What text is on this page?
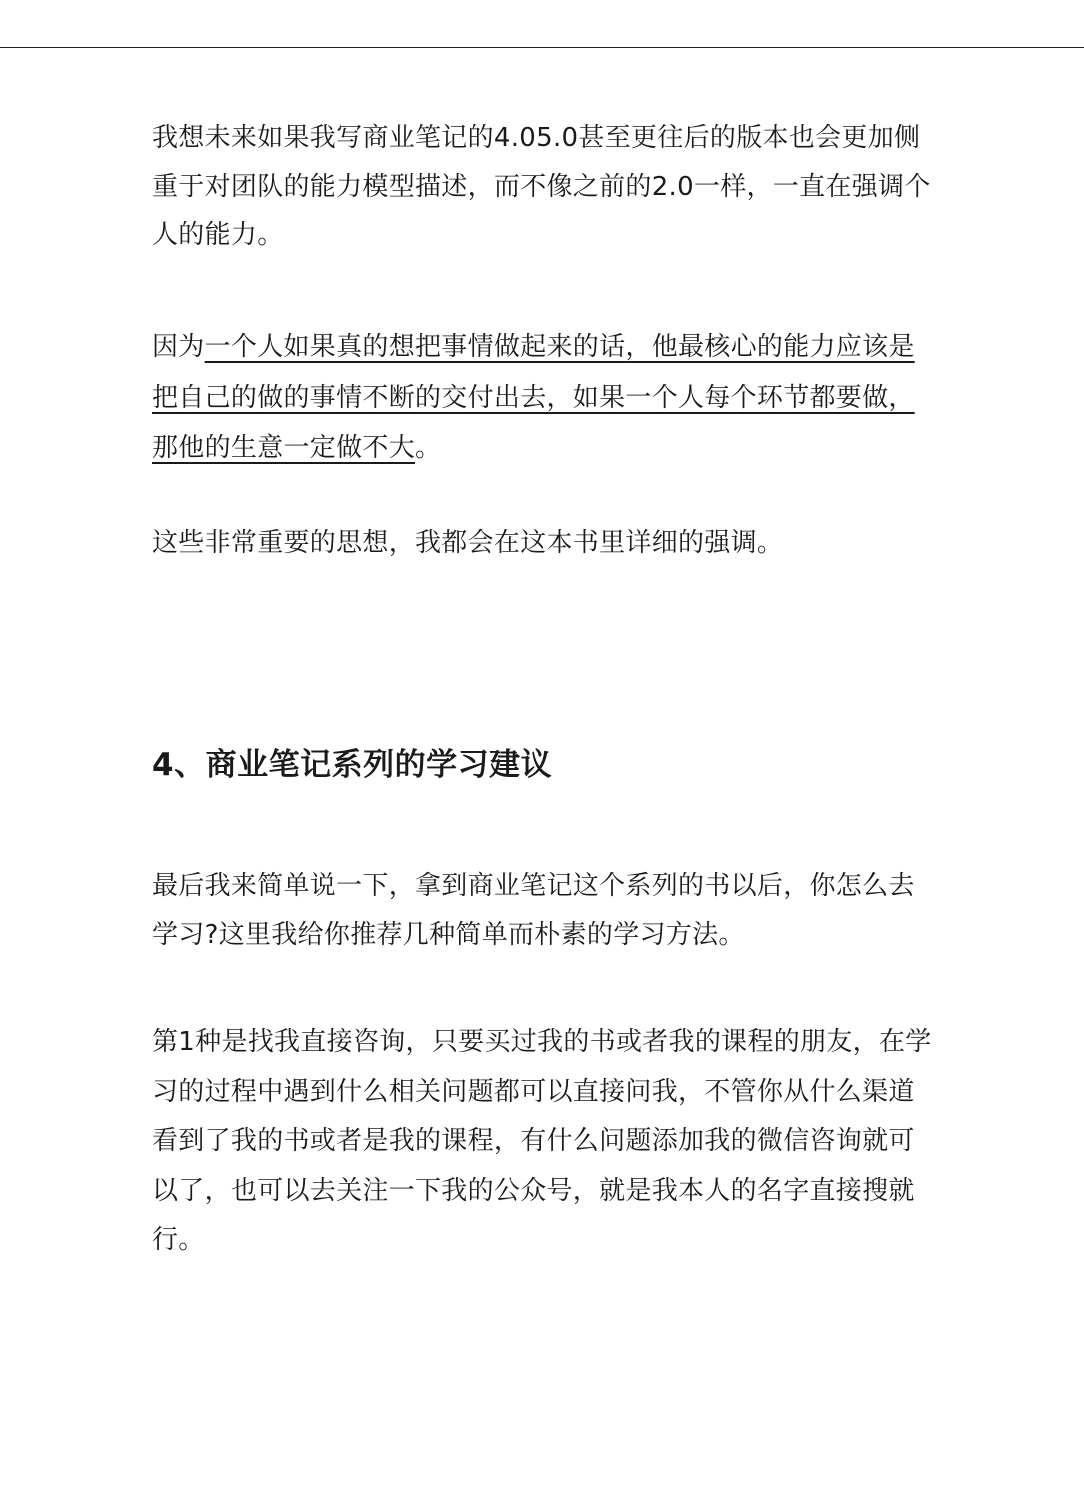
我想未来如果我写商业笔记的4.05.0甚至更往后的版本也会更加侧重于对团队的能力模型描述，而不像之前的2.0一样，一直在强调个人的能力。

因为一个人如果真的想把事情做起来的话，他最核心的能力应该是把自己的做的事情不断的交付出去，如果一个人每个环节都要做，那他的生意一定做不大。

这些非常重要的思想，我都会在这本书里详细的强调。

4、商业笔记系列的学习建议

最后我来简单说一下，拿到商业笔记这个系列的书以后，你怎么去学习?这里我给你推荐几种简单而朴素的学习方法。

第1种是找我直接咨询，只要买过我的书或者我的课程的朋友，在学习的过程中遇到什么相关问题都可以直接问我，不管你从什么渠道看到了我的书或者是我的课程，有什么问题添加我的微信咨询就可以了，也可以去关注一下我的公众号，就是我本人的名字直接搜就行。
